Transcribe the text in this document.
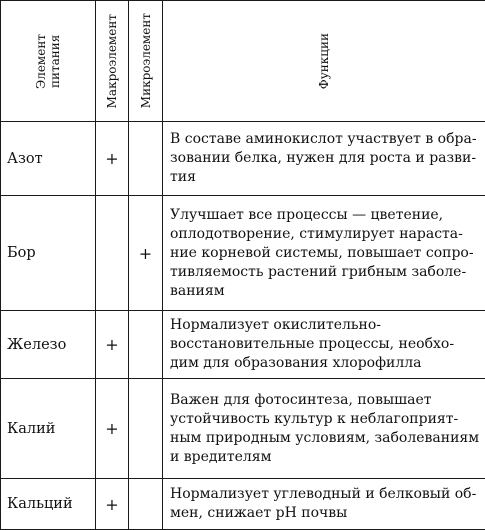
Элемент питания	Макроэлемент	Микроэлемент	Функции

Азот	+		В составе аминокислот участвует в обра-
зовании белка, нужен для роста и разви-
тия

Бор		+	Улучшает все процессы — цветение,
оплодотворение, стимулирует нараста-
ние корневой системы, повышает сопро-
тивляемость растений грибным заболе-
ваниям

Железо	+		Нормализует окислительно-
восстановительные процессы, необхо-
дим для образования хлорофилла

Калий	+		Важен для фотосинтеза, повышает
устойчивость культур к неблагоприят-
ным природным условиям, заболеваниям
и вредителям

Кальций	+		Нормализует углеводный и белковый об-
мен, снижает pH почвы
